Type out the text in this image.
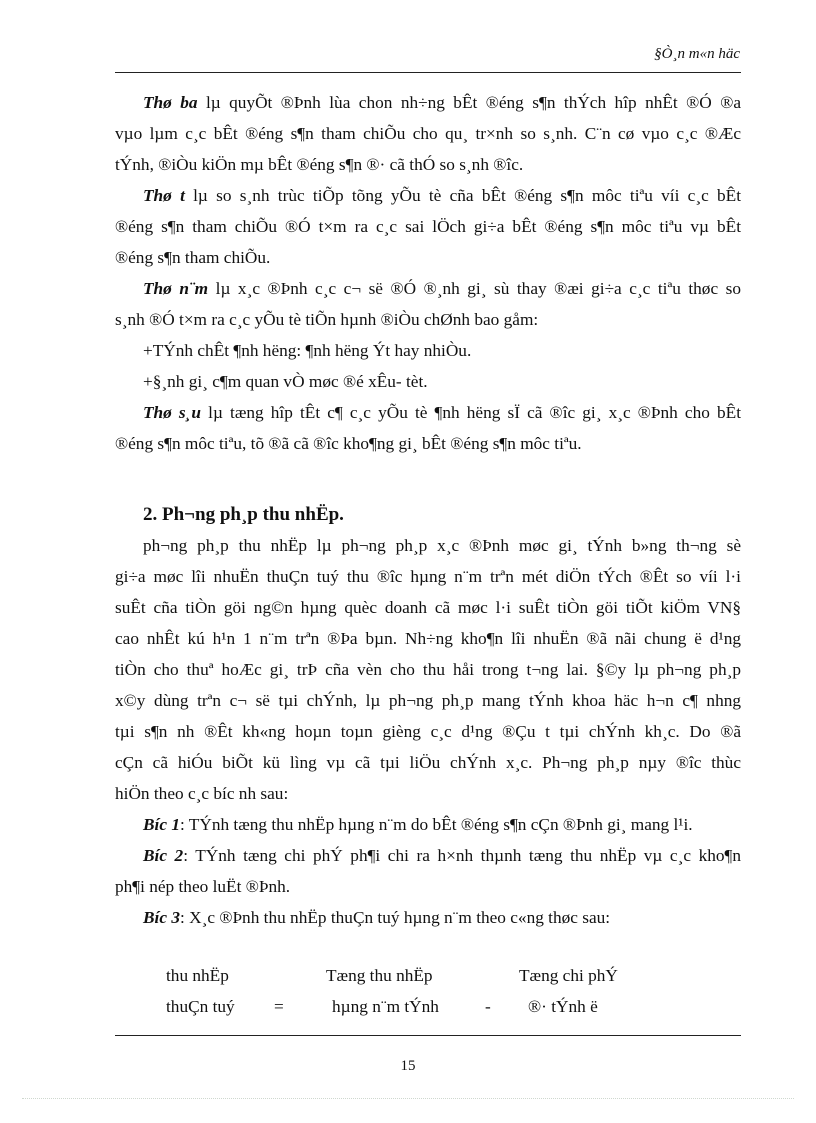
§Ò¸n m«n häc
Thø ba lµ quyÕt ®Þnh lùa chon nh÷ng bÊt ®éng s¶n thÝch hîp nhÊt ®Ó ®a
vµo lµm c¸c bÊt ®éng s¶n tham chiÕu cho qu¸ tr×nh so s¸nh. C¨n cø vµo c¸c ®Æc
tÝnh, ®iÒu kiÖn mµ bÊt ®éng s¶n ®· cã thÓ so s¸nh ®îc.
Thø t lµ so s¸nh trùc tiÕp tõng yÕu tè cña bÊt ®éng s¶n môc tiªu víi c¸c bÊt
®éng s¶n tham chiÕu ®Ó t×m ra c¸c sai lÖch gi÷a bÊt ®éng s¶n môc tiªu vµ bÊt
®éng s¶n tham chiÕu.
Thø n¨m lµ x¸c ®Þnh c¸c c¬ së ®Ó ®¸nh gi¸ sù thay ®æi gi÷a c¸c tiªu thøc so
s¸nh ®Ó t×m ra c¸c yÕu tè tiÕn hµnh ®iÒu chØnh bao gåm:
+TÝnh chÊt ¶nh hëng: ¶nh hëng Ýt hay nhiÒu.
+§¸nh gi¸ c¶m quan vÒ møc ®é xÊu- tèt.
Thø s¸u lµ tæng hîp tÊt c¶ c¸c yÕu tè ¶nh hëng sÏ cã ®îc gi¸ x¸c ®Þnh cho bÊt
®éng s¶n môc tiªu, tõ ®ã cã ®îc kho¶ng gi¸ bÊt ®éng s¶n môc tiªu.
2. Ph¬ng ph¸p thu nhËp.
ph¬ng ph¸p thu nhËp lµ ph¬ng ph¸p x¸c ®Þnh møc gi¸ tÝnh b»ng th¬ng sè
gi÷a møc lîi nhuËn thuÇn tuý thu ®îc hµng n¨m trªn mét diÖn tÝch ®Êt so víi l·i
suÊt cña tiÒn göi ng©n hµng quèc doanh cã møc l·i suÊt tiÒn göi tiÕt kiÖm VN§
cao nhÊt kú h¹n 1 n¨m trªn ®Þa bµn. Nh÷ng kho¶n lîi nhuËn ®ã nãi chung ë d¹ng
tiÒn cho thuª hoÆc gi¸ trÞ cña vèn cho thu håi trong t¬ng lai. §©y lµ ph¬ng ph¸p
x©y dùng trªn c¬ së tµi chÝnh, lµ ph¬ng ph¸p mang tÝnh khoa häc h¬n c¶ nhng
tµi s¶n nh ®Êt kh«ng hoµn toµn gièng c¸c d¹ng ®Çu t tµi chÝnh kh¸c. Do ®ã
cÇn cã hiÓu biÕt kü lìng vµ cã tµi liÖu chÝnh x¸c. Ph¬ng ph¸p nµy ®îc thùc
hiÖn theo c¸c bíc nh sau:
Bíc 1: TÝnh tæng thu nhËp hµng n¨m do bÊt ®éng s¶n cÇn ®Þnh gi¸ mang l¹i.
Bíc 2: TÝnh tæng chi phÝ ph¶i chi ra h×nh thµnh tæng thu nhËp vµ c¸c kho¶n
ph¶i nép theo luËt ®Þnh.
Bíc 3: X¸c ®Þnh thu nhËp thuÇn tuý hµng n¨m theo c«ng thøc sau:
thu nhËp
thuÇn tuý =
Tæng thu nhËp
hµng n¨m tÝnh	-
Tæng chi phÝ
®· tÝnh ë
15
